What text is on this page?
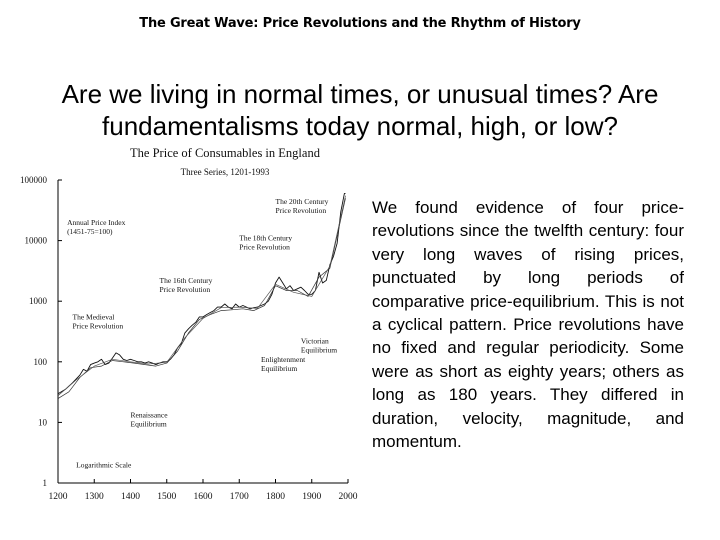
The Great Wave: Price Revolutions and the Rhythm of History
Are we living in normal times, or unusual times? Are fundamentalisms today normal, high, or low?
The Price of Consumables in England
Three Series, 1201-1993
1
10
100
1000
10000
100000
1200 1300 1400 1500 1600 1700 1800 1900 2000
The Medieval Price Revolution
The 16th Century Price Revolution
The 18th Century Price Revolution
The 20th Century Price Revolution
Renaissance Equilibrium
Enlightenment Equilibrium
Victorian Equilibrium
Logarithmic Scale
Annual Price Index (1451-75=100)
We found evidence of four price-revolutions since the twelfth century: four very long waves of rising prices, punctuated by long periods of comparative price-equilibrium. This is not a cyclical pattern. Price revolutions have no fixed and regular periodicity. Some were as short as eighty years; others as long as 180 years. They differed in duration, velocity, magnitude, and momentum.
